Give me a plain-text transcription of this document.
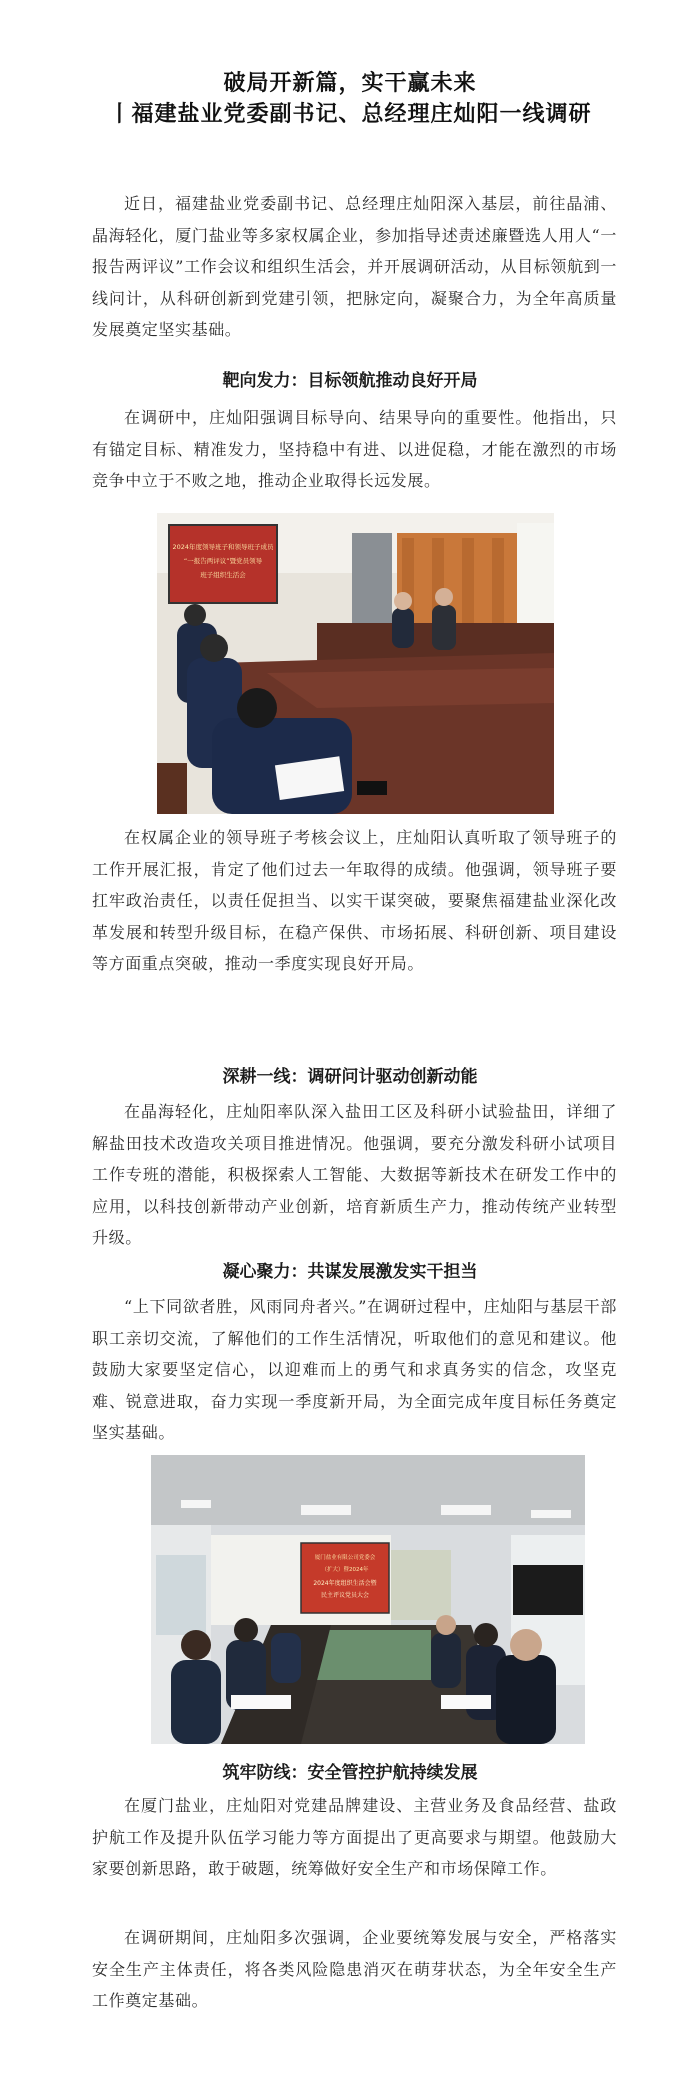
破局开新篇，实干赢未来
丨福建盐业党委副书记、总经理庄灿阳一线调研

近日，福建盐业党委副书记、总经理庄灿阳深入基层，前往晶浦、晶海轻化，厦门盐业等多家权属企业，参加指导述责述廉暨选人用人“一报告两评议”工作会议和组织生活会，并开展调研活动，从目标领航到一线问计，从科研创新到党建引领，把脉定向，凝聚合力，为全年高质量发展奠定坚实基础。

靶向发力：目标领航推动良好开局

在调研中，庄灿阳强调目标导向、结果导向的重要性。他指出，只有锚定目标、精准发力，坚持稳中有进、以进促稳，才能在激烈的市场竞争中立于不败之地，推动企业取得长远发展。

2024年度领导班子和领导班子成员
“一报告两评议”暨党员领导
班子组织生活会

在权属企业的领导班子考核会议上，庄灿阳认真听取了领导班子的工作开展汇报，肯定了他们过去一年取得的成绩。他强调，领导班子要扛牢政治责任，以责任促担当、以实干谋突破，要聚焦福建盐业深化改革发展和转型升级目标，在稳产保供、市场拓展、科研创新、项目建设等方面重点突破，推动一季度实现良好开局。

深耕一线：调研问计驱动创新动能

在晶海轻化，庄灿阳率队深入盐田工区及科研小试验盐田，详细了解盐田技术改造攻关项目推进情况。他强调，要充分激发科研小试项目工作专班的潜能，积极探索人工智能、大数据等新技术在研发工作中的应用，以科技创新带动产业创新，培育新质生产力，推动传统产业转型升级。

凝心聚力：共谋发展激发实干担当

“上下同欲者胜，风雨同舟者兴。”在调研过程中，庄灿阳与基层干部职工亲切交流，了解他们的工作生活情况，听取他们的意见和建议。他鼓励大家要坚定信心，以迎难而上的勇气和求真务实的信念，攻坚克难、锐意进取，奋力实现一季度新开局，为全面完成年度目标任务奠定坚实基础。

厦门盐业有限公司党委会
（扩大）暨2024年
2024年度组织生活会暨
民主评议党员大会
筑牢防线：安全管控护航持续发展

在厦门盐业，庄灿阳对党建品牌建设、主营业务及食品经营、盐政护航工作及提升队伍学习能力等方面提出了更高要求与期望。他鼓励大家要创新思路，敢于破题，统筹做好安全生产和市场保障工作。

在调研期间，庄灿阳多次强调，企业要统筹发展与安全，严格落实安全生产主体责任，将各类风险隐患消灭在萌芽状态，为全年安全生产工作奠定基础。
